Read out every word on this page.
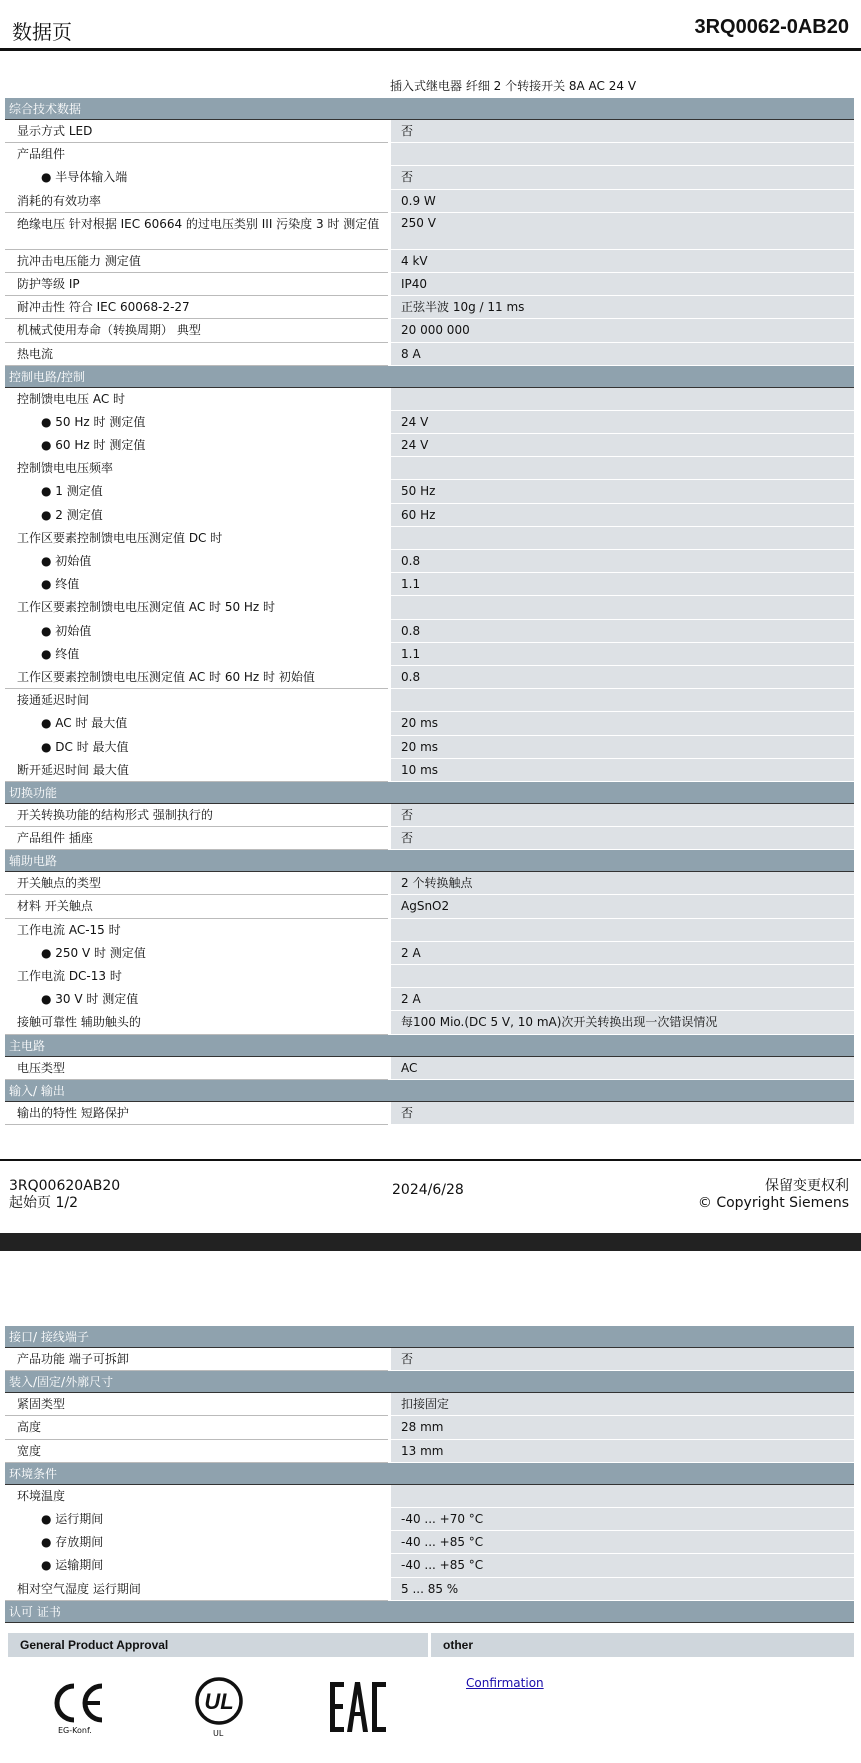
数据页	3RQ0062-0AB20
插入式继电器 纤细 2 个转接开关 8A AC 24 V
综合技术数据
显示方式 LED	否
产品组件
● 半导体输入端	否
消耗的有效功率	0.9 W
绝缘电压 针对根据 IEC 60664 的过电压类别 III 污染度 3 时 测定值	250 V
抗冲击电压能力 测定值	4 kV
防护等级 IP	IP40
耐冲击性 符合 IEC 60068-2-27	正弦半波 10g / 11 ms
机械式使用寿命（转换周期） 典型	20 000 000
热电流	8 A
控制电路/控制
控制馈电电压 AC 时
● 50 Hz 时 测定值	24 V
● 60 Hz 时 测定值	24 V
控制馈电电压频率
● 1 测定值	50 Hz
● 2 测定值	60 Hz
工作区要素控制馈电电压测定值 DC 时
● 初始值	0.8
● 终值	1.1
工作区要素控制馈电电压测定值 AC 时 50 Hz 时
● 初始值	0.8
● 终值	1.1
工作区要素控制馈电电压测定值 AC 时 60 Hz 时 初始值	0.8
接通延迟时间
● AC 时 最大值	20 ms
● DC 时 最大值	20 ms
断开延迟时间 最大值	10 ms
切换功能
开关转换功能的结构形式 强制执行的	否
产品组件 插座	否
辅助电路
开关触点的类型	2 个转换触点
材料 开关触点	AgSnO2
工作电流 AC-15 时
● 250 V 时 测定值	2 A
工作电流 DC-13 时
● 30 V 时 测定值	2 A
接触可靠性 辅助触头的	每100 Mio.(DC 5 V, 10 mA)次开关转换出现一次错误情况
主电路
电压类型	AC
输入/ 输出
输出的特性 短路保护	否
3RQ00620AB20
起始页 1/2
2024/6/28	保留变更权利
© Copyright Siemens
接口/ 接线端子
产品功能 端子可拆卸	否
装入/固定/外廓尺寸
紧固类型	扣接固定
高度	28 mm
宽度	13 mm
环境条件
环境温度
● 运行期间	-40 ... +70 °C
● 存放期间	-40 ... +85 °C
● 运输期间	-40 ... +85 °C
相对空气湿度 运行期间	5 ... 85 %
认可 证书
General Product Approval	other
EG-Konf.
UL
UL
Confirmation
